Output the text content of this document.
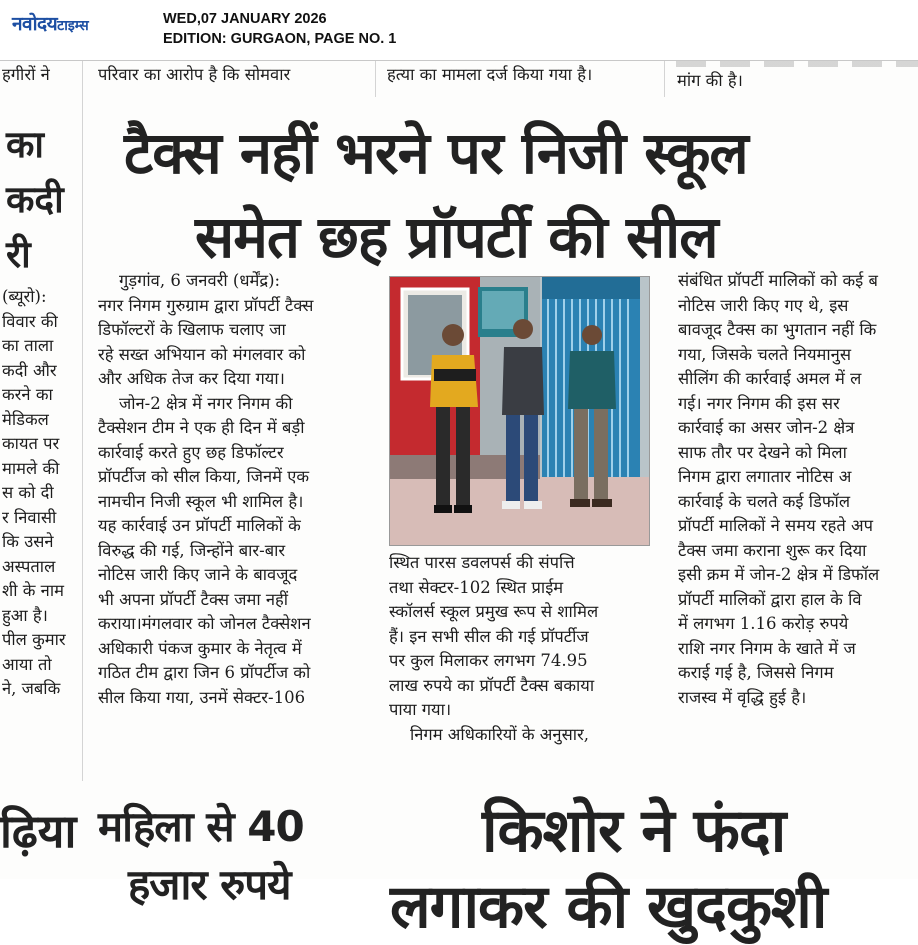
नवोदयटाइम्स	WED,07 JANUARY 2026
EDITION: GURGAON, PAGE NO. 1
हगीरों ने	परिवार का आरोप है कि सोमवार	हत्या का मामला दर्ज किया गया है।	मांग की है।
का
कदी
री
(ब्यूरो):
विवार की
का ताला
कदी और
करने का
मेडिकल
कायत पर
मामले की
स को दी
र निवासी
कि उसने
अस्पताल
शी के नाम
हुआ है।
पील कुमार
आया तो
ने, जबकि
टैक्स नहीं भरने पर निजी स्कूल
समेत छह प्रॉपर्टी की सील
गुड़गांव, 6 जनवरी (धर्मेंद्र):
नगर निगम गुरुग्राम द्वारा प्रॉपर्टी टैक्स
डिफॉल्टरों के खिलाफ चलाए जा
रहे सख्त अभियान को मंगलवार को
और अधिक तेज कर दिया गया।
जोन-2 क्षेत्र में नगर निगम की
टैक्सेशन टीम ने एक ही दिन में बड़ी
कार्रवाई करते हुए छह डिफॉल्टर
प्रॉपर्टीज को सील किया, जिनमें एक
नामचीन निजी स्कूल भी शामिल है।
यह कार्रवाई उन प्रॉपर्टी मालिकों के
विरुद्ध की गई, जिन्होंने बार-बार
नोटिस जारी किए जाने के बावजूद
भी अपना प्रॉपर्टी टैक्स जमा नहीं
कराया।मंगलवार को जोनल टैक्सेशन
अधिकारी पंकज कुमार के नेतृत्व में
गठित टीम द्वारा जिन 6 प्रॉपर्टीज को
सील किया गया, उनमें सेक्टर-106
स्थित पारस डवलपर्स की संपत्ति
तथा सेक्टर-102 स्थित प्राईम
स्कॉलर्स स्कूल प्रमुख रूप से शामिल
हैं। इन सभी सील की गई प्रॉपर्टीज
पर कुल मिलाकर लगभग 74.95
लाख रुपये का प्रॉपर्टी टैक्स बकाया
पाया गया।
निगम अधिकारियों के अनुसार,
संबंधित प्रॉपर्टी मालिकों को कई ब
नोटिस जारी किए गए थे, इस
बावजूद टैक्स का भुगतान नहीं कि
गया, जिसके चलते नियमानुस
सीलिंग की कार्रवाई अमल में ल
गई। नगर निगम की इस सर
कार्रवाई का असर जोन-2 क्षेत्र
साफ तौर पर देखने को मिला
निगम द्वारा लगातार नोटिस अ
कार्रवाई के चलते कई डिफॉल
प्रॉपर्टी मालिकों ने समय रहते अप
टैक्स जमा कराना शुरू कर दिया
इसी क्रम में जोन-2 क्षेत्र में डिफॉल
प्रॉपर्टी मालिकों द्वारा हाल के वि
में लगभग 1.16 करोड़ रुपये
राशि नगर निगम के खाते में ज
कराई गई है, जिससे निगम
राजस्व में वृद्धि हुई है।
ढ़िया महिला से 40
हजार रुपये
किशोर ने फंदा
लगाकर की खुदकुशी
